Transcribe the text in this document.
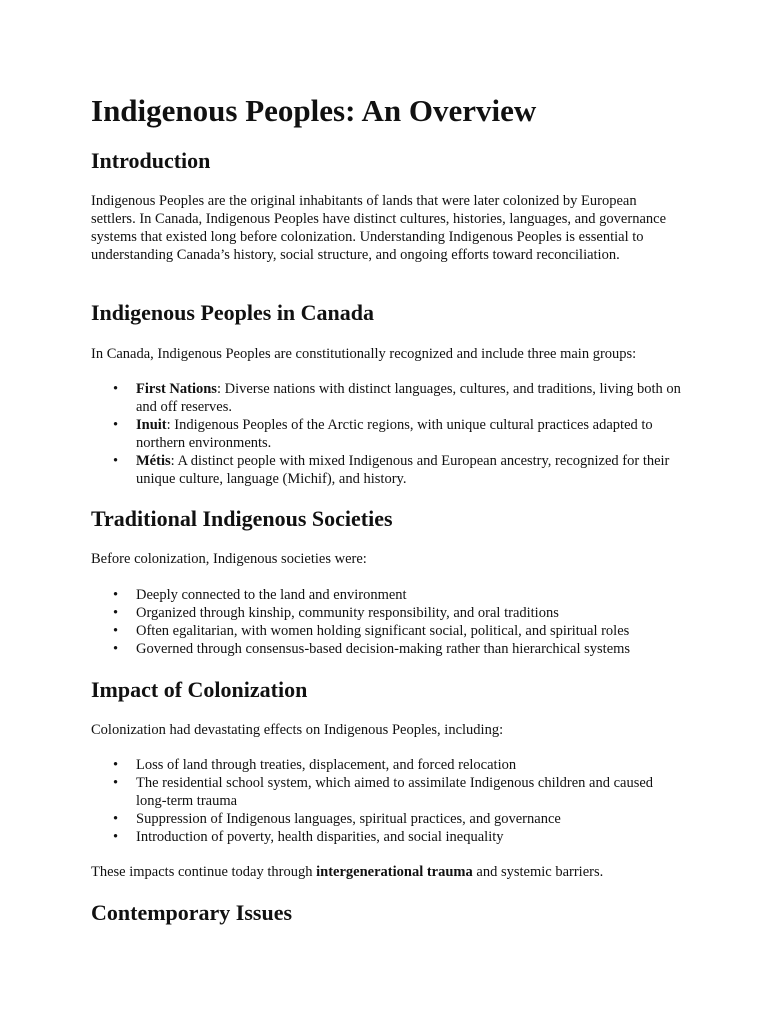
Indigenous Peoples: An Overview
Introduction

Indigenous Peoples are the original inhabitants of lands that were later colonized by European settlers. In Canada, Indigenous Peoples have distinct cultures, histories, languages, and governance systems that existed long before colonization. Understanding Indigenous Peoples is essential to understanding Canada’s history, social structure, and ongoing efforts toward reconciliation.

Indigenous Peoples in Canada

In Canada, Indigenous Peoples are constitutionally recognized and include three main groups:

• First Nations: Diverse nations with distinct languages, cultures, and traditions, living both on and off reserves.
• Inuit: Indigenous Peoples of the Arctic regions, with unique cultural practices adapted to northern environments.
• Métis: A distinct people with mixed Indigenous and European ancestry, recognized for their unique culture, language (Michif), and history.
Traditional Indigenous Societies

Before colonization, Indigenous societies were:

• Deeply connected to the land and environment
• Organized through kinship, community responsibility, and oral traditions
• Often egalitarian, with women holding significant social, political, and spiritual roles
• Governed through consensus-based decision-making rather than hierarchical systems
Impact of Colonization

Colonization had devastating effects on Indigenous Peoples, including:

• Loss of land through treaties, displacement, and forced relocation
• The residential school system, which aimed to assimilate Indigenous children and caused long-term trauma
• Suppression of Indigenous languages, spiritual practices, and governance
• Introduction of poverty, health disparities, and social inequality

These impacts continue today through intergenerational trauma and systemic barriers.

Contemporary Issues
